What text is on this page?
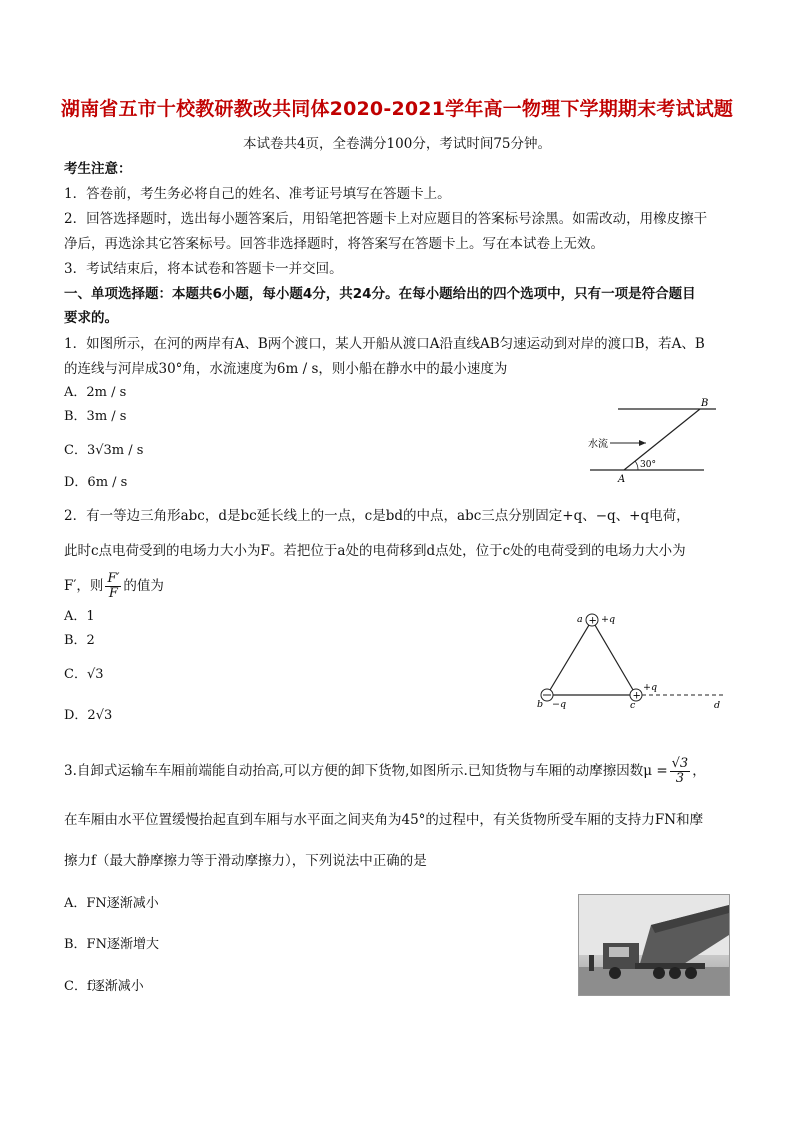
湖南省五市十校教研教改共同体2020-2021学年高一物理下学期期末考试试题
本试卷共4页，全卷满分100分，考试时间75分钟。
考生注意：
1．答卷前，考生务必将自己的姓名、准考证号填写在答题卡上。
2．回答选择题时，选出每小题答案后，用铅笔把答题卡上对应题目的答案标号涂黑。如需改动，用橡皮擦干
净后，再选涂其它答案标号。回答非选择题时，将答案写在答题卡上。写在本试卷上无效。
3．考试结束后，将本试卷和答题卡一并交回。
一、单项选择题：本题共6小题，每小题4分，共24分。在每小题给出的四个选项中，只有一项是符合题目
要求的。
1．如图所示，在河的两岸有A、B两个渡口，某人开船从渡口A沿直线AB匀速运动到对岸的渡口B，若A、B
的连线与河岸成30°角，水流速度为6m / s，则小船在静水中的最小速度为
A．2m / s
B．3m / s
C．3√3m / s
D．6m / s
B
A
水流
30°
2．有一等边三角形abc，d是bc延长线上的一点，c是bd的中点，abc三点分别固定+q、−q、+q电荷，
此时c点电荷受到的电场力大小为F。若把位于a处的电荷移到d点处，位于c处的电荷受到的电场力大小为
F′，则 $\frac{F'}{F}$ 的值为
A．1
B．2
C．√3
D．2√3
+
+
a +q
b −q	c
+q
d
3.自卸式运输车车厢前端能自动抬高,可以方便的卸下货物,如图所示.已知货物与车厢的动摩擦因数$\mu = \frac{√3}{3}$ ，
在车厢由水平位置缓慢抬起直到车厢与水平面之间夹角为45°的过程中，有关货物所受车厢的支持力FN和摩
擦力f（最大静摩擦力等于滑动摩擦力），下列说法中正确的是
A．FN逐渐减小
B．FN逐渐增大
C．f逐渐减小
